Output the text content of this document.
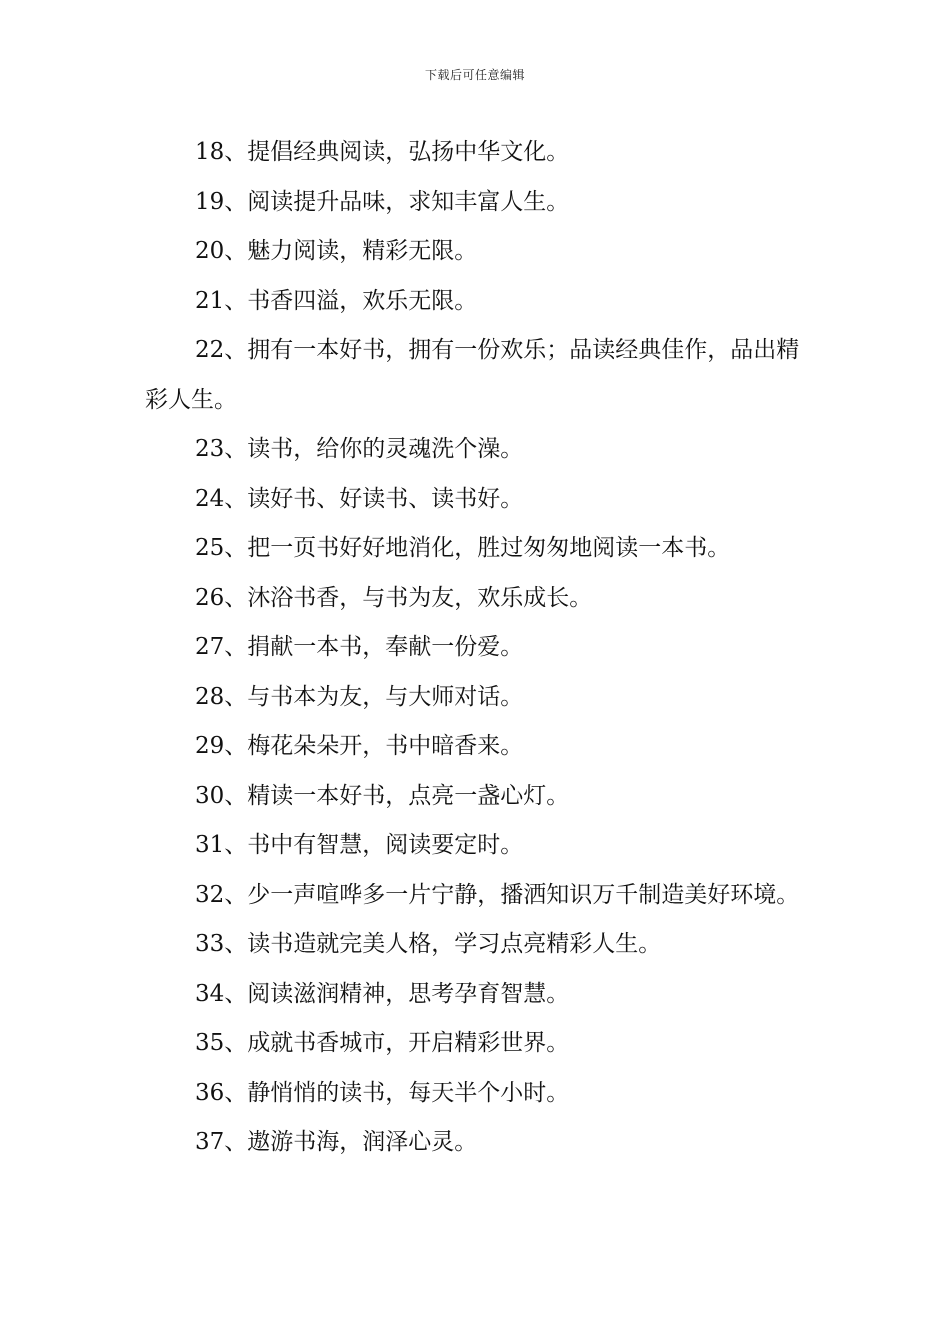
下载后可任意编辑

18、提倡经典阅读，弘扬中华文化。

19、阅读提升品味，求知丰富人生。

20、魅力阅读，精彩无限。

21、书香四溢，欢乐无限。

22、拥有一本好书，拥有一份欢乐；品读经典佳作，品出精彩人生。

23、读书，给你的灵魂洗个澡。

24、读好书、好读书、读书好。

25、把一页书好好地消化，胜过匆匆地阅读一本书。

26、沐浴书香，与书为友，欢乐成长。

27、捐献一本书，奉献一份爱。

28、与书本为友，与大师对话。

29、梅花朵朵开，书中暗香来。

30、精读一本好书，点亮一盏心灯。

31、书中有智慧，阅读要定时。

32、少一声喧哗多一片宁静，播洒知识万千制造美好环境。

33、读书造就完美人格，学习点亮精彩人生。

34、阅读滋润精神，思考孕育智慧。

35、成就书香城市，开启精彩世界。

36、静悄悄的读书，每天半个小时。

37、遨游书海，润泽心灵。
